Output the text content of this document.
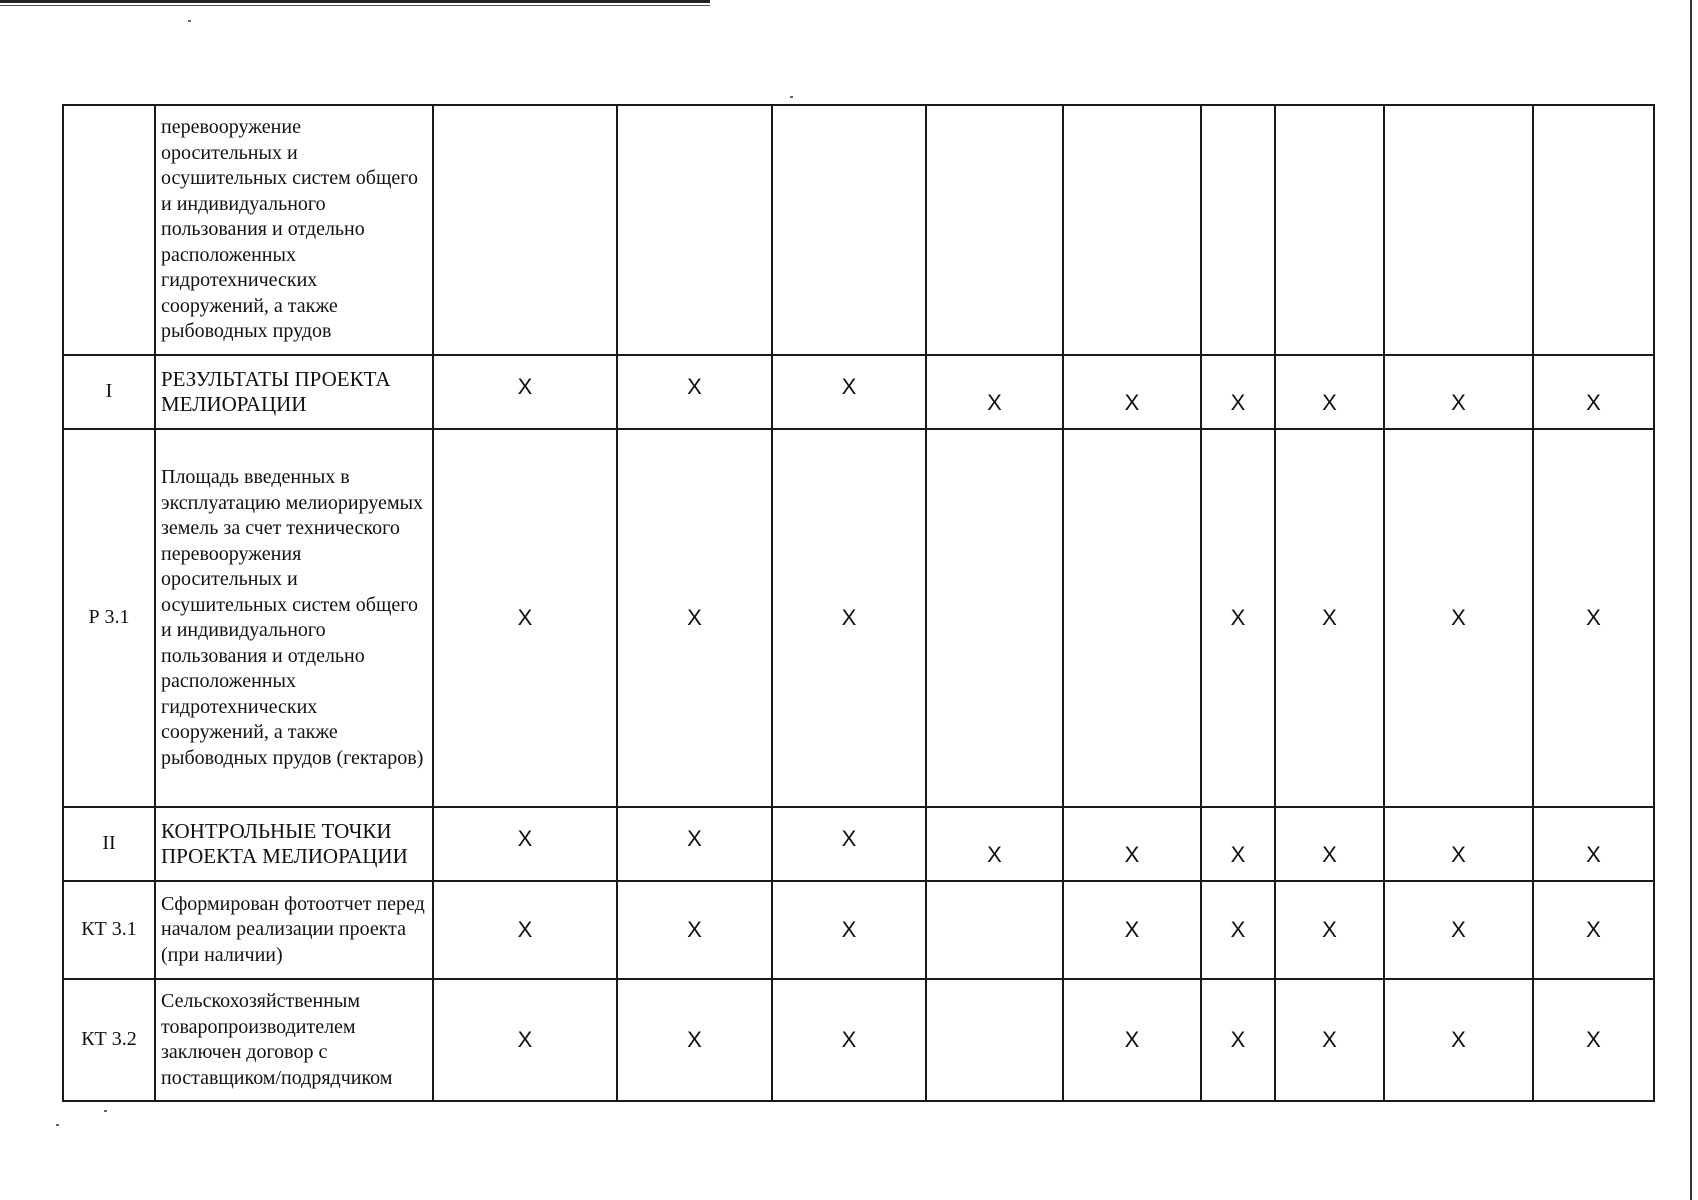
	перевооружение оросительных и осушительных систем общего и индивидуального пользования и отдельно расположенных гидротехнических сооружений, а также рыбоводных прудов									
I	РЕЗУЛЬТАТЫ ПРОЕКТА МЕЛИОРАЦИИ	X	X	X	X	X	X	X	X	X
Р 3.1	Площадь введенных в эксплуатацию мелиорируемых земель за счет технического перевооружения оросительных и осушительных систем общего и индивидуального пользования и отдельно расположенных гидротехнических сооружений, а также рыбоводных прудов (гектаров)	X	X	X			X	X	X	X
II	КОНТРОЛЬНЫЕ ТОЧКИ ПРОЕКТА МЕЛИОРАЦИИ	X	X	X	X	X	X	X	X	X
КТ 3.1	Сформирован фотоотчет перед началом реализации проекта (при наличии)	X	X	X		X	X	X	X	X
КТ 3.2	Сельскохозяйственным товаропроизводителем заключен договор с поставщиком/подрядчиком	X	X	X		X	X	X	X	X
